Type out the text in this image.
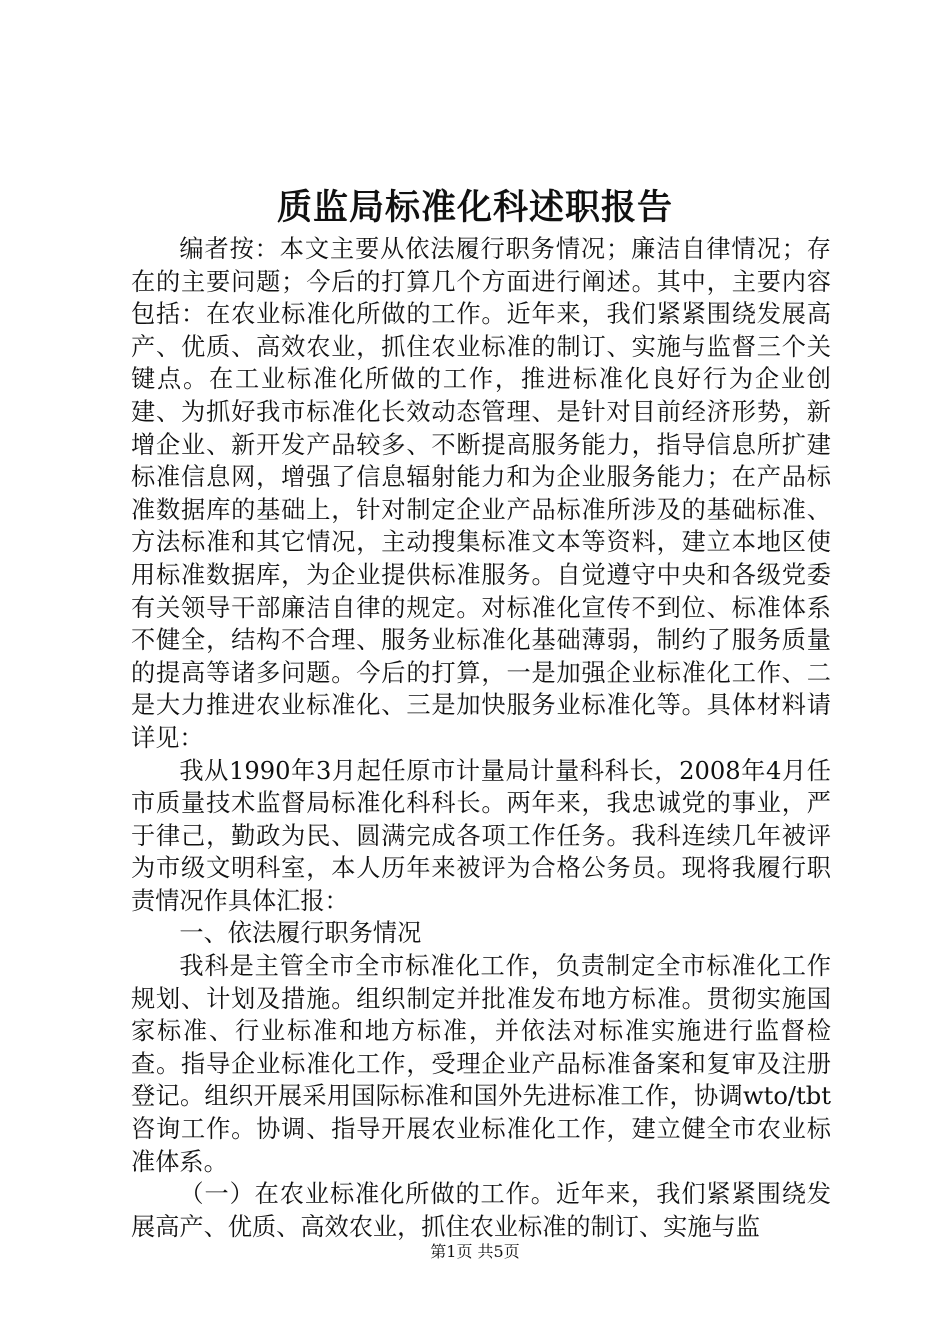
质监局标准化科述职报告

编者按：本文主要从依法履行职务情况；廉洁自律情况；存在的主要问题；今后的打算几个方面进行阐述。其中，主要内容包括：在农业标准化所做的工作。近年来，我们紧紧围绕发展高产、优质、高效农业，抓住农业标准的制订、实施与监督三个关键点。在工业标准化所做的工作，推进标准化良好行为企业创建、为抓好我市标准化长效动态管理、是针对目前经济形势，新增企业、新开发产品较多、不断提高服务能力，指导信息所扩建标准信息网，增强了信息辐射能力和为企业服务能力；在产品标准数据库的基础上，针对制定企业产品标准所涉及的基础标准、方法标准和其它情况，主动搜集标准文本等资料，建立本地区使用标准数据库，为企业提供标准服务。自觉遵守中央和各级党委有关领导干部廉洁自律的规定。对标准化宣传不到位、标准体系不健全，结构不合理、服务业标准化基础薄弱，制约了服务质量的提高等诸多问题。今后的打算，一是加强企业标准化工作、二是大力推进农业标准化、三是加快服务业标准化等。具体材料请详见：

我从1990年3月起任原市计量局计量科科长，2008年4月任市质量技术监督局标准化科科长。两年来，我忠诚党的事业，严于律己，勤政为民、圆满完成各项工作任务。我科连续几年被评为市级文明科室，本人历年来被评为合格公务员。现将我履行职责情况作具体汇报：

一、依法履行职务情况

我科是主管全市全市标准化工作，负责制定全市标准化工作规划、计划及措施。组织制定并批准发布地方标准。贯彻实施国家标准、行业标准和地方标准，并依法对标准实施进行监督检查。指导企业标准化工作，受理企业产品标准备案和复审及注册登记。组织开展采用国际标准和国外先进标准工作，协调wto/tbt咨询工作。协调、指导开展农业标准化工作，建立健全市农业标准体系。

（一）在农业标准化所做的工作。近年来，我们紧紧围绕发展高产、优质、高效农业，抓住农业标准的制订、实施与监

第1页 共5页
